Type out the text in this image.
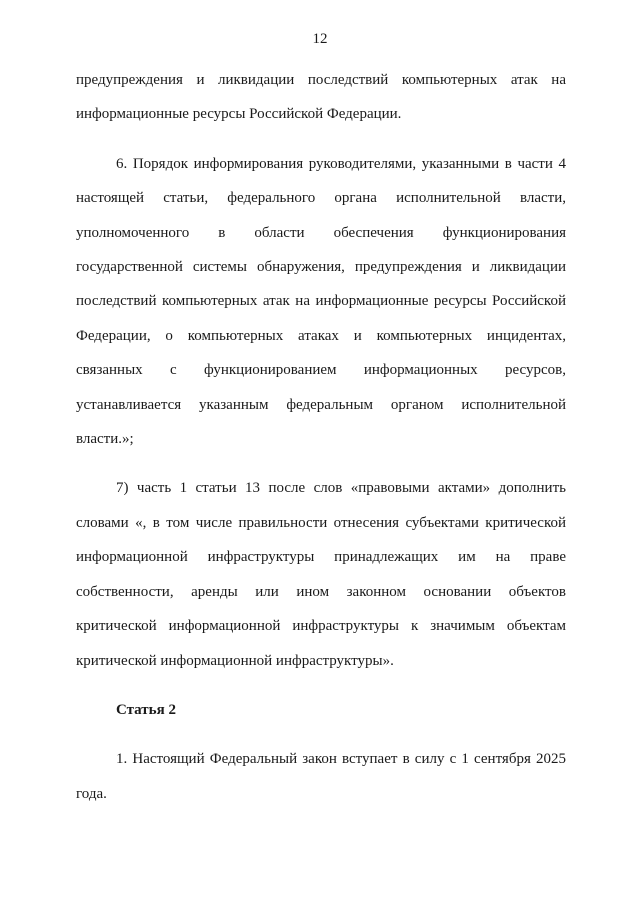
12

предупреждения и ликвидации последствий компьютерных атак на информационные ресурсы Российской Федерации.

6. Порядок информирования руководителями, указанными в части 4 настоящей статьи, федерального органа исполнительной власти, уполномоченного в области обеспечения функционирования государственной системы обнаружения, предупреждения и ликвидации последствий компьютерных атак на информационные ресурсы Российской Федерации, о компьютерных атаках и компьютерных инцидентах, связанных с функционированием информационных ресурсов, устанавливается указанным федеральным органом исполнительной власти.»;

7) часть 1 статьи 13 после слов «правовыми актами» дополнить словами «, в том числе правильности отнесения субъектами критической информационной инфраструктуры принадлежащих им на праве собственности, аренды или ином законном основании объектов критической информационной инфраструктуры к значимым объектам критической информационной инфраструктуры».

Статья 2

1. Настоящий Федеральный закон вступает в силу с 1 сентября 2025 года.
